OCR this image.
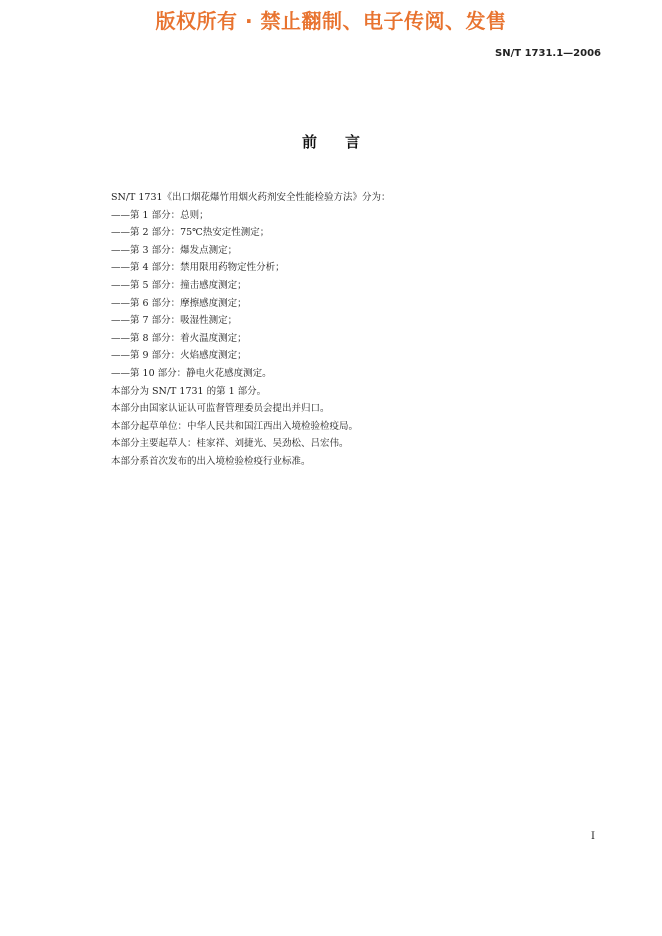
版权所有 · 禁止翻制、电子传阅、发售
SN/T 1731.1—2006
前言
SN/T 1731《出口烟花爆竹用烟火药剂安全性能检验方法》分为：
——第 1 部分：总则；
——第 2 部分：75℃热安定性测定；
——第 3 部分：爆发点测定；
——第 4 部分：禁用限用药物定性分析；
——第 5 部分：撞击感度测定；
——第 6 部分：摩擦感度测定；
——第 7 部分：吸湿性测定；
——第 8 部分：着火温度测定；
——第 9 部分：火焰感度测定；
——第 10 部分：静电火花感度测定。
本部分为 SN/T 1731 的第 1 部分。
本部分由国家认证认可监督管理委员会提出并归口。
本部分起草单位：中华人民共和国江西出入境检验检疫局。
本部分主要起草人：桂家祥、刘捷光、吴劲松、吕宏伟。
本部分系首次发布的出入境检验检疫行业标准。
I
